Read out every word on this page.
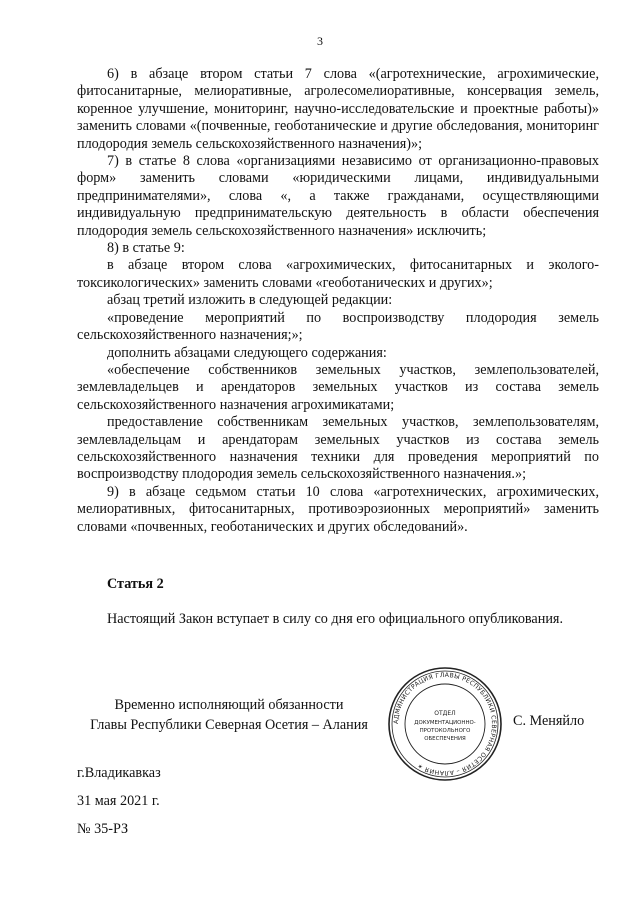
3

6) в абзаце втором статьи 7 слова «(агротехнические, агрохимические, фитосанитарные, мелиоративные, агролесомелиоративные, консервация земель, коренное улучшение, мониторинг, научно-исследовательские и проектные работы)» заменить словами «(почвенные, геоботанические и другие обследования, мониторинг плодородия земель сельскохозяйственного назначения)»;

7) в статье 8 слова «организациями независимо от организационно-правовых форм» заменить словами «юридическими лицами, индивидуальными предпринимателями», слова «, а также гражданами, осуществляющими индивидуальную предпринимательскую деятельность в области обеспечения плодородия земель сельскохозяйственного назначения» исключить;

8) в статье 9:

в абзаце втором слова «агрохимических, фитосанитарных и эколого-токсикологических» заменить словами «геоботанических и других»;

абзац третий изложить в следующей редакции:

«проведение мероприятий по воспроизводству плодородия земель сельскохозяйственного назначения;»;

дополнить абзацами следующего содержания:

«обеспечение собственников земельных участков, землепользователей, землевладельцев и арендаторов земельных участков из состава земель сельскохозяйственного назначения агрохимикатами;

предоставление собственникам земельных участков, землепользователям, землевладельцам и арендаторам земельных участков из состава земель сельскохозяйственного назначения техники для проведения мероприятий по воспроизводству плодородия земель сельскохозяйственного назначения.»;

9) в абзаце седьмом статьи 10 слова «агротехнических, агрохимических, мелиоративных, фитосанитарных, противоэрозионных мероприятий» заменить словами «почвенных, геоботанических и других обследований».

Статья 2
Настоящий Закон вступает в силу со дня его официального опубликования.
Временно исполняющий обязанности
Главы Республики Северная Осетия – Алания	АДМИНИСТРАЦИЯ ГЛАВЫ РЕСПУБЛИКИ СЕВЕРНАЯ ОСЕТИЯ – АЛАНИЯ ✶
ОТДЕЛ
ДОКУМЕНТАЦИОННО-
ПРОТОКОЛЬНОГО
ОБЕСПЕЧЕНИЯ
С. Меняйло
г.Владикавказ
31 мая 2021 г.
№ 35-РЗ
